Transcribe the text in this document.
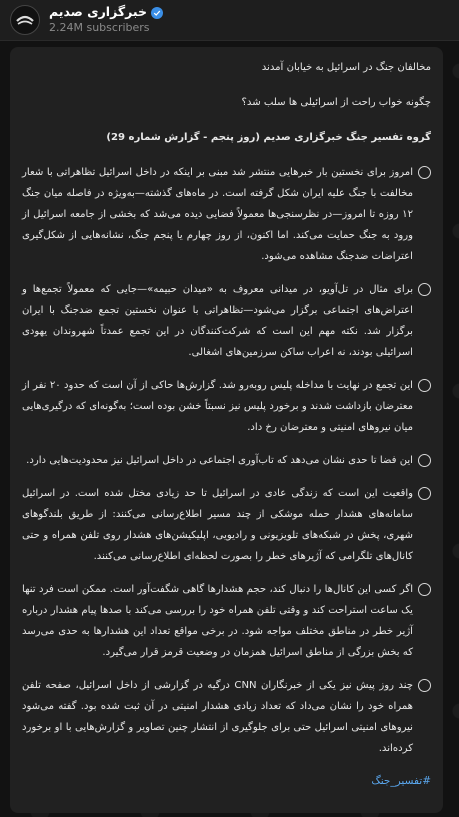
خبرگزاری صدیم
2.24M subscribers

مخالفان جنگ در اسرائیل به خیابان آمدند

چگونه خواب راحت از اسرائیلی ها سلب شد؟

گروه تفسیر جنگ خبرگزاری صدیم (روز پنجم - گزارش شماره 29)

امروز برای نخستین بار خبرهایی منتشر شد مبنی بر اینکه در داخل اسرائیل تظاهراتی با شعار مخالفت با جنگ علیه ایران شکل گرفته است. در ماه‌های گذشته—به‌ویژه در فاصله میان جنگ ۱۲ روزه تا امروز—در نظرسنجی‌ها معمولاً فضایی دیده می‌شد که بخشی از جامعه اسرائیل از ورود به جنگ حمایت می‌کند. اما اکنون، از روز چهارم یا پنجم جنگ، نشانه‌هایی از شکل‌گیری اعتراضات ضدجنگ مشاهده می‌شود.

برای مثال در تل‌آویو، در میدانی معروف به «میدان حبیمه»—جایی که معمولاً تجمع‌ها و اعتراض‌های اجتماعی برگزار می‌شود—تظاهراتی با عنوان نخستین تجمع ضدجنگ با ایران برگزار شد. نکته مهم این است که شرکت‌کنندگان در این تجمع عمدتاً شهروندان یهودی اسرائیلی بودند، نه اعراب ساکن سرزمین‌های اشغالی.

این تجمع در نهایت با مداخله پلیس روبه‌رو شد. گزارش‌ها حاکی از آن است که حدود ۲۰ نفر از معترضان بازداشت شدند و برخورد پلیس نیز نسبتاً خشن بوده است؛ به‌گونه‌ای که درگیری‌هایی میان نیروهای امنیتی و معترضان رخ داد.

این فضا تا حدی نشان می‌دهد که تاب‌آوری اجتماعی در داخل اسرائیل نیز محدودیت‌هایی دارد.

واقعیت این است که زندگی عادی در اسرائیل تا حد زیادی مختل شده است. در اسرائیل سامانه‌های هشدار حمله موشکی از چند مسیر اطلاع‌رسانی می‌کنند: از طریق بلندگوهای شهری، پخش در شبکه‌های تلویزیونی و رادیویی، اپلیکیشن‌های هشدار روی تلفن همراه و حتی کانال‌های تلگرامی که آژیرهای خطر را بصورت لحظه‌ای اطلاع‌رسانی می‌کنند.

اگر کسی این کانال‌ها را دنبال کند، حجم هشدارها گاهی شگفت‌آور است. ممکن است فرد تنها یک ساعت استراحت کند و وقتی تلفن همراه خود را بررسی می‌کند با صدها پیام هشدار درباره آژیر خطر در مناطق مختلف مواجه شود. در برخی مواقع تعداد این هشدارها به حدی می‌رسد که بخش بزرگی از مناطق اسرائیل همزمان در وضعیت قرمز قرار می‌گیرد.

چند روز پیش نیز یکی از خبرنگاران CNN درگیه در گزارشی از داخل اسرائیل، صفحه تلفن همراه خود را نشان می‌داد که تعداد زیادی هشدار امنیتی در آن ثبت شده بود. گفته می‌شود نیروهای امنیتی اسرائیل حتی برای جلوگیری از انتشار چنین تصاویر و گزارش‌هایی با او برخورد کرده‌اند.

#تفسیر_جنگ
